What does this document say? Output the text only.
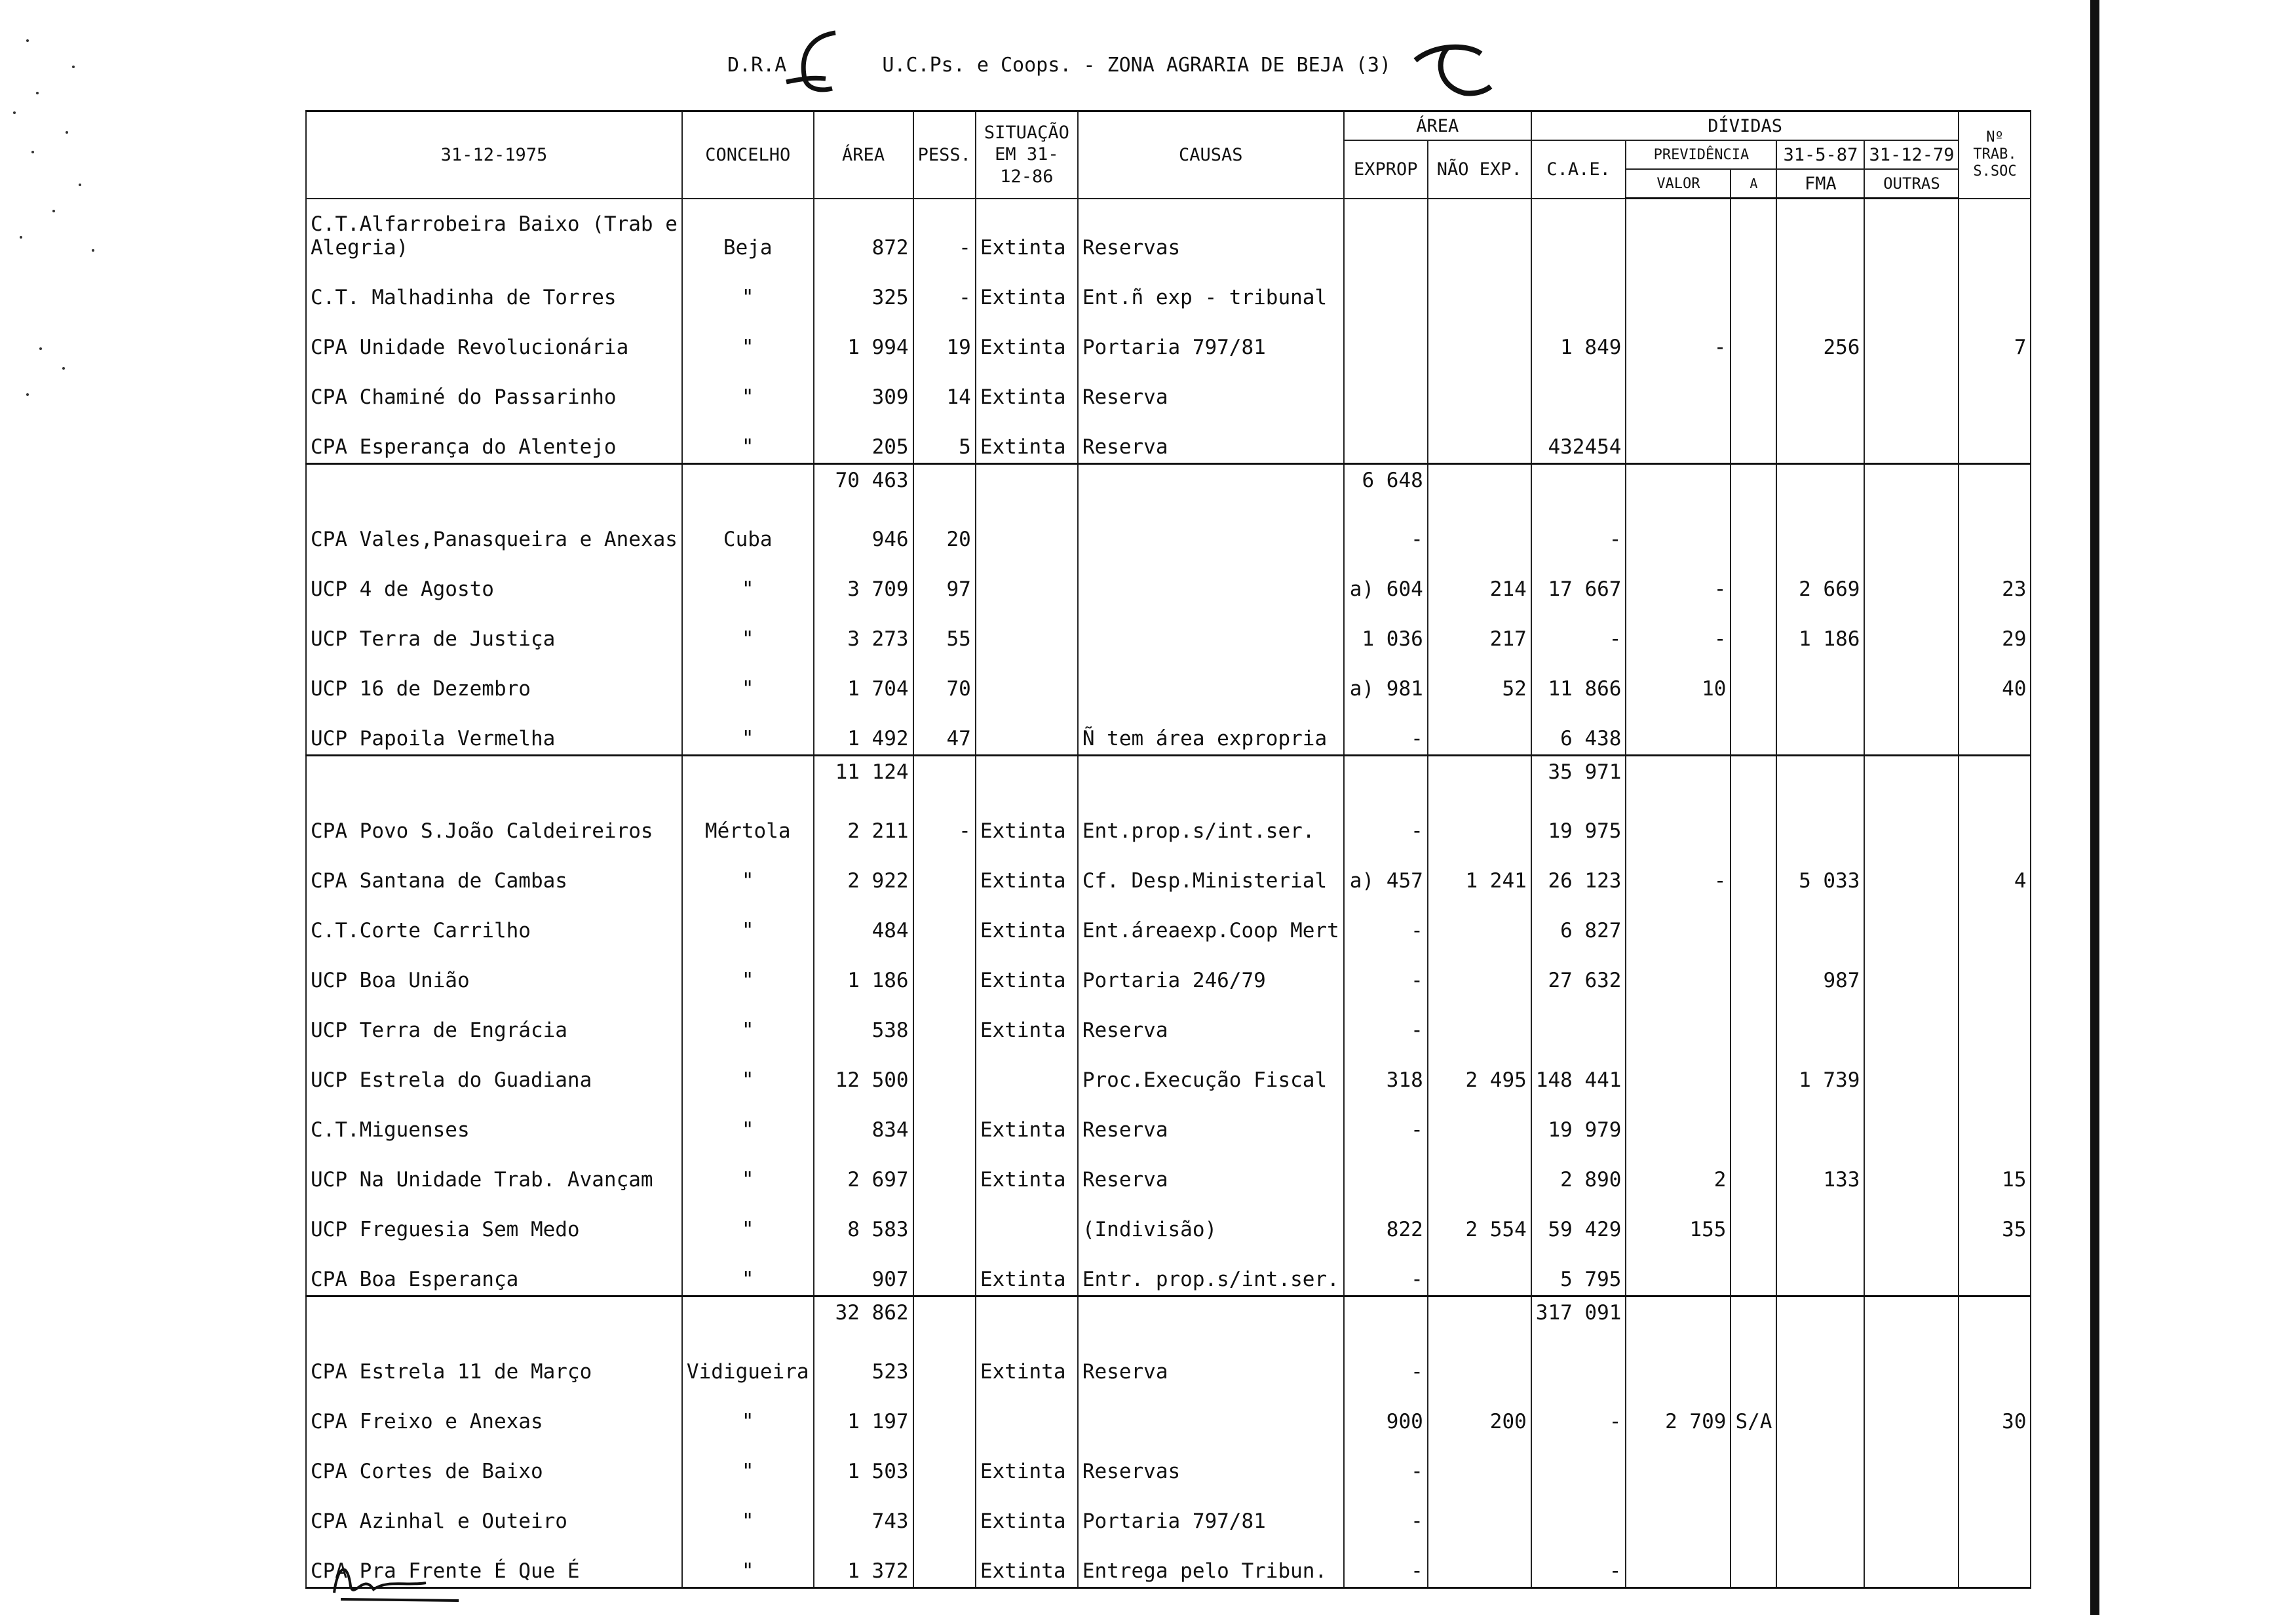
D.R.A	U.C.Ps. e Coops. - ZONA AGRARIA DE BEJA (3)
31-12-1975	CONCELHO	ÁREA	PESS.	SITUAÇÃO EM 31-12-86	CAUSAS	ÁREA		DÍVIDAS					Nº TRAB. S.SOC
						EXPROP	NÃO EXP.	C.A.E.	PREVIDÊNCIA		31-5-87	31-12-79	
									VALOR	A	FMA	OUTRAS	
C.T.Alfarrobeira Baixo (Trab e Alegria)	Beja	872	-	Extinta	Reservas								
C.T. Malhadinha de Torres	"	325	-	Extinta	Ent.ñ exp - tribunal								
CPA Unidade Revolucionária	"	1 994	19	Extinta	Portaria 797/81			1 849	-		256		7
CPA Chaminé do Passarinho	"	309	14	Extinta	Reserva								
CPA Esperança do Alentejo	"	205	5	Extinta	Reserva			432454					
		70 463				6 648							
CPA Vales,Panasqueira e Anexas	Cuba	946	20			-		-					
UCP 4 de Agosto	"	3 709	97			a) 604	214	17 667	-		2 669		23
UCP Terra de Justiça	"	3 273	55			1 036	217	-	-		1 186		29
UCP 16 de Dezembro	"	1 704	70			a) 981	52	11 866	10				40
UCP Papoila Vermelha	"	1 492	47		Ñ tem área expropria	-		6 438					
		11 124						35 971					
CPA Povo S.João Caldeireiros	Mértola	2 211	-	Extinta	Ent.prop.s/int.ser.	-		19 975					
CPA Santana de Cambas	"	2 922		Extinta	Cf. Desp.Ministerial	a) 457	1 241	26 123	-		5 033		4
C.T.Corte Carrilho	"	484		Extinta	Ent.áreaexp.Coop Mert	-		6 827					
UCP Boa União	"	1 186		Extinta	Portaria 246/79	-		27 632			987		
UCP Terra de Engrácia	"	538		Extinta	Reserva	-							
UCP Estrela do Guadiana	"	12 500			Proc.Execução Fiscal	318	2 495	148 441			1 739		
C.T.Miguenses	"	834		Extinta	Reserva	-		19 979					
UCP Na Unidade Trab. Avançam	"	2 697		Extinta	Reserva			2 890	2		133		15
UCP Freguesia Sem Medo	"	8 583			(Indivisão)	822	2 554	59 429	155				35
CPA Boa Esperança	"	907		Extinta	Entr. prop.s/int.ser.	-		5 795					
		32 862						317 091					
CPA Estrela 11 de Março	Vidigueira	523		Extinta	Reserva	-							
CPA Freixo e Anexas	"	1 197				900	200	-	2 709	S/A			30
CPA Cortes de Baixo	"	1 503		Extinta	Reservas	-							
CPA Azinhal e Outeiro	"	743		Extinta	Portaria 797/81	-							
CPA Pra Frente É Que É	"	1 372		Extinta	Entrega pelo Tribun.	-		-					
